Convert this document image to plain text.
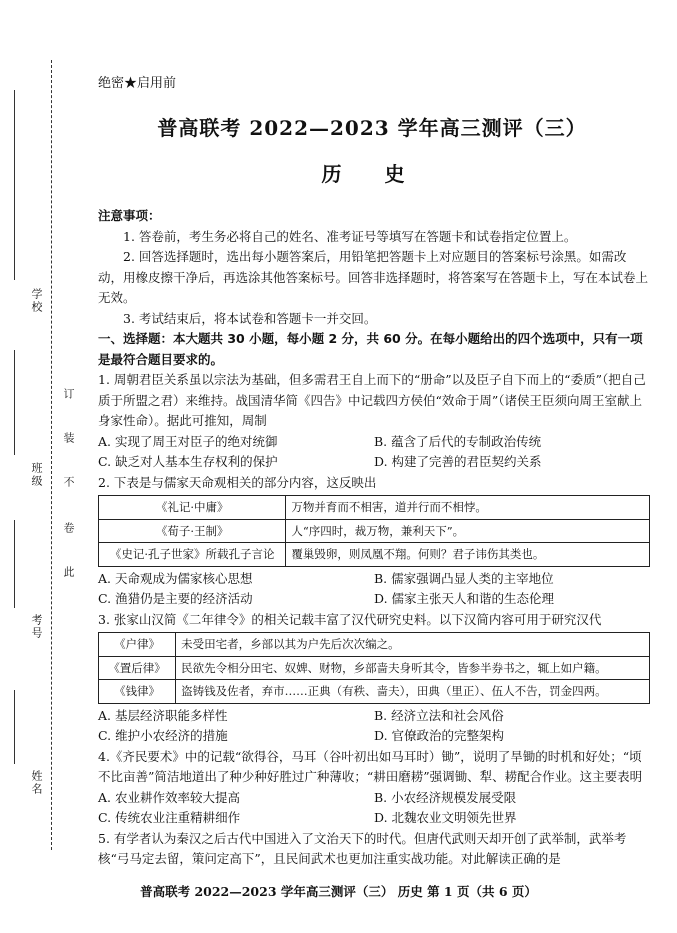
学校
班级
考号
姓名
订
装
不
卷
此
绝密★启用前
普高联考 2022—2023 学年高三测评（三）
历 史

注意事项：

1. 答卷前，考生务必将自己的姓名、准考证号等填写在答题卡和试卷指定位置上。

2. 回答选择题时，选出每小题答案后，用铅笔把答题卡上对应题目的答案标号涂黑。如需改动，用橡皮擦干净后，再选涂其他答案标号。回答非选择题时，将答案写在答题卡上，写在本试卷上无效。

3. 考试结束后，将本试卷和答题卡一并交回。

一、选择题：本大题共 30 小题，每小题 2 分，共 60 分。在每小题给出的四个选项中，只有一项是最符合题目要求的。

1. 周朝君臣关系虽以宗法为基础，但多需君王自上而下的“册命”以及臣子自下而上的“委质”（把自己质于所盟之君）来维持。战国清华简《四告》中记载四方侯伯“效命于周”（诸侯王臣须向周王室献上身家性命）。据此可推知，周制

A. 实现了周王对臣子的绝对统御	B. 蕴含了后代的专制政治传统
C. 缺乏对人基本生存权利的保护	D. 构建了完善的君臣契约关系

2. 下表是与儒家天命观相关的部分内容，这反映出

《礼记·中庸》	万物并育而不相害，道并行而不相悖。
《荀子·王制》	人“序四时，裁万物，兼利天下”。
《史记·孔子世家》所载孔子言论	覆巢毁卵，则凤凰不翔。何则？君子讳伤其类也。
A. 天命观成为儒家核心思想	B. 儒家强调凸显人类的主宰地位
C. 渔猎仍是主要的经济活动	D. 儒家主张天人和谐的生态伦理

3. 张家山汉简《二年律令》的相关记载丰富了汉代研究史料。以下汉简内容可用于研究汉代

《户律》	未受田宅者，乡部以其为户先后次次编之。
《置后律》	民欲先令相分田宅、奴婢、财物，乡部啬夫身听其令，皆参半券书之，辄上如户籍。
《钱律》	盗铸钱及佐者，弃市……正典（有秩、啬夫），田典（里正）、伍人不告，罚金四两。
A. 基层经济职能多样性	B. 经济立法和社会风俗
C. 维护小农经济的措施	D. 官僚政治的完整架构

4.《齐民要术》中的记载“欲得谷，马耳（谷叶初出如马耳时）锄”，说明了旱锄的时机和好处；“顷不比亩善”简洁地道出了种少种好胜过广种薄收；“耕田磨耢”强调锄、犁、耢配合作业。这主要表明

A. 农业耕作效率较大提高	B. 小农经济规模发展受限
C. 传统农业注重精耕细作	D. 北魏农业文明领先世界

5. 有学者认为秦汉之后古代中国进入了文治天下的时代。但唐代武则天却开创了武举制，武举考核“弓马定去留，策问定高下”，且民间武术也更加注重实战功能。对此解读正确的是

普高联考 2022—2023 学年高三测评（三） 历史 第 1 页（共 6 页）
